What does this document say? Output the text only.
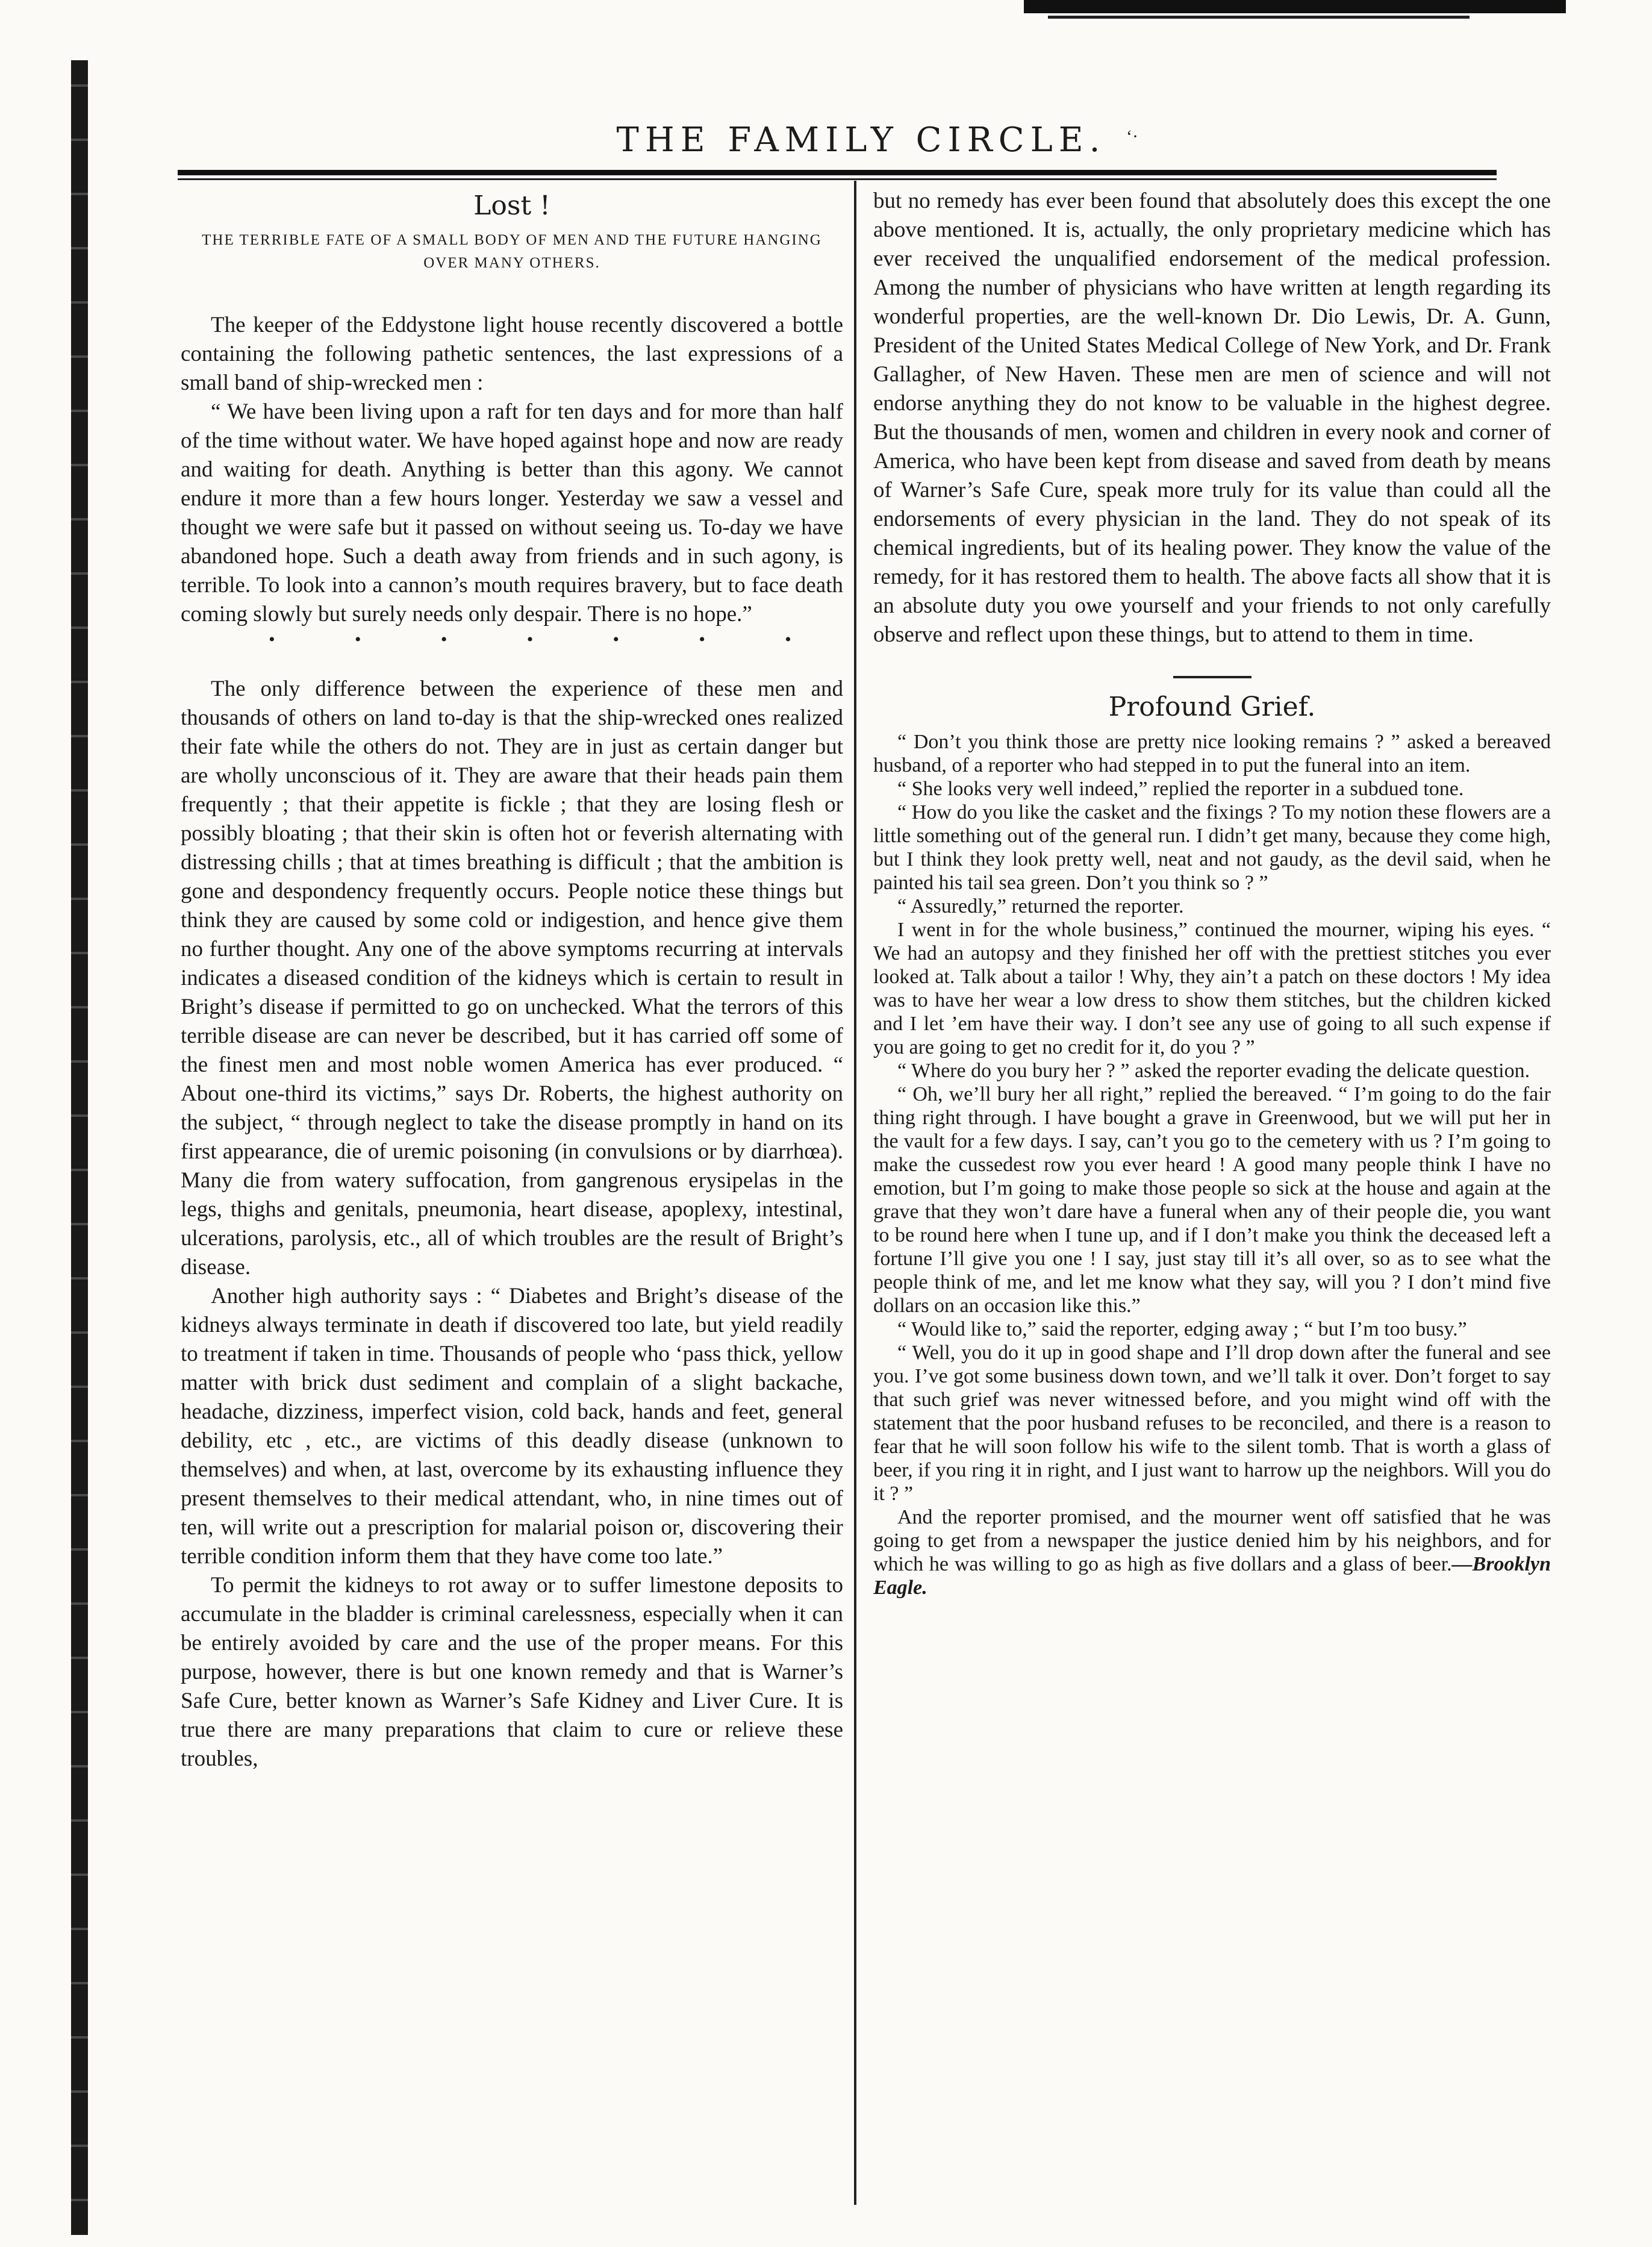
THE FAMILY CIRCLE.	‘·
Lost !
THE TERRIBLE FATE OF A SMALL BODY OF MEN AND THE FUTURE HANGING OVER MANY OTHERS.

The keeper of the Eddystone light house recently discovered a bottle containing the following pathetic sentences, the last expressions of a small band of ship-wrecked men :

“ We have been living upon a raft for ten days and for more than half of the time without water. We have hoped against hope and now are ready and waiting for death. Anything is better than this agony. We cannot endure it more than a few hours longer. Yesterday we saw a vessel and thought we were safe but it passed on without seeing us. To-day we have abandoned hope. Such a death away from friends and in such agony, is terrible. To look into a cannon’s mouth requires bravery, but to face death coming slowly but surely needs only despair. There is no hope.”

•	•	•	•	•	•	•

The only difference between the experience of these men and thousands of others on land to-day is that the ship-wrecked ones realized their fate while the others do not. They are in just as certain danger but are wholly unconscious of it. They are aware that their heads pain them frequently ; that their appetite is fickle ; that they are losing flesh or possibly bloating ; that their skin is often hot or feverish alternating with distressing chills ; that at times breathing is difficult ; that the ambition is gone and despondency frequently occurs. People notice these things but think they are caused by some cold or indigestion, and hence give them no further thought. Any one of the above symptoms recurring at intervals indicates a diseased condition of the kidneys which is certain to result in Bright’s disease if permitted to go on unchecked. What the terrors of this terrible disease are can never be described, but it has carried off some of the finest men and most noble women America has ever produced. “ About one-third its victims,” says Dr. Roberts, the highest authority on the subject, “ through neglect to take the disease promptly in hand on its first appearance, die of uremic poisoning (in convulsions or by diarrhœa). Many die from watery suffocation, from gangrenous erysipelas in the legs, thighs and genitals, pneumonia, heart disease, apoplexy, intestinal, ulcerations, parolysis, etc., all of which troubles are the result of Bright’s disease.

Another high authority says : “ Diabetes and Bright’s disease of the kidneys always terminate in death if discovered too late, but yield readily to treatment if taken in time. Thousands of people who ‘pass thick, yellow matter with brick dust sediment and complain of a slight backache, headache, dizziness, imperfect vision, cold back, hands and feet, general debility, etc , etc., are victims of this deadly disease (unknown to themselves) and when, at last, overcome by its exhausting influence they present themselves to their medical attendant, who, in nine times out of ten, will write out a prescription for malarial poison or, discovering their terrible condition inform them that they have come too late.”

To permit the kidneys to rot away or to suffer limestone deposits to accumulate in the bladder is criminal carelessness, especially when it can be entirely avoided by care and the use of the proper means. For this purpose, however, there is but one known remedy and that is Warner’s Safe Cure, better known as Warner’s Safe Kidney and Liver Cure. It is true there are many preparations that claim to cure or relieve these troubles,

but no remedy has ever been found that absolutely does this except the one above mentioned. It is, actually, the only proprietary medicine which has ever received the unqualified endorsement of the medical profession. Among the number of physicians who have written at length regarding its wonderful properties, are the well-known Dr. Dio Lewis, Dr. A. Gunn, President of the United States Medical College of New York, and Dr. Frank Gallagher, of New Haven. These men are men of science and will not endorse anything they do not know to be valuable in the highest degree. But the thousands of men, women and children in every nook and corner of America, who have been kept from disease and saved from death by means of Warner’s Safe Cure, speak more truly for its value than could all the endorsements of every physician in the land. They do not speak of its chemical ingredients, but of its healing power. They know the value of the remedy, for it has restored them to health. The above facts all show that it is an absolute duty you owe yourself and your friends to not only carefully observe and reflect upon these things, but to attend to them in time.

Profound Grief.

“ Don’t you think those are pretty nice looking remains ? ” asked a bereaved husband, of a reporter who had stepped in to put the funeral into an item.

“ She looks very well indeed,” replied the reporter in a subdued tone.

“ How do you like the casket and the fixings ? To my notion these flowers are a little something out of the general run. I didn’t get many, because they come high, but I think they look pretty well, neat and not gaudy, as the devil said, when he painted his tail sea green. Don’t you think so ? ”

“ Assuredly,” returned the reporter.

I went in for the whole business,” continued the mourner, wiping his eyes. “ We had an autopsy and they finished her off with the prettiest stitches you ever looked at. Talk about a tailor ! Why, they ain’t a patch on these doctors ! My idea was to have her wear a low dress to show them stitches, but the children kicked and I let ’em have their way. I don’t see any use of going to all such expense if you are going to get no credit for it, do you ? ”

“ Where do you bury her ? ” asked the reporter evading the delicate question.

“ Oh, we’ll bury her all right,” replied the bereaved. “ I’m going to do the fair thing right through. I have bought a grave in Greenwood, but we will put her in the vault for a few days. I say, can’t you go to the cemetery with us ? I’m going to make the cussedest row you ever heard ! A good many people think I have no emotion, but I’m going to make those people so sick at the house and again at the grave that they won’t dare have a funeral when any of their people die, you want to be round here when I tune up, and if I don’t make you think the deceased left a fortune I’ll give you one ! I say, just stay till it’s all over, so as to see what the people think of me, and let me know what they say, will you ? I don’t mind five dollars on an occasion like this.”

“ Would like to,” said the reporter, edging away ; “ but I’m too busy.”

“ Well, you do it up in good shape and I’ll drop down after the funeral and see you. I’ve got some business down town, and we’ll talk it over. Don’t forget to say that such grief was never witnessed before, and you might wind off with the statement that the poor husband refuses to be reconciled, and there is a reason to fear that he will soon follow his wife to the silent tomb. That is worth a glass of beer, if you ring it in right, and I just want to harrow up the neighbors. Will you do it ? ”

And the reporter promised, and the mourner went off satisfied that he was going to get from a newspaper the justice denied him by his neighbors, and for which he was willing to go as high as five dollars and a glass of beer.—Brooklyn Eagle.
